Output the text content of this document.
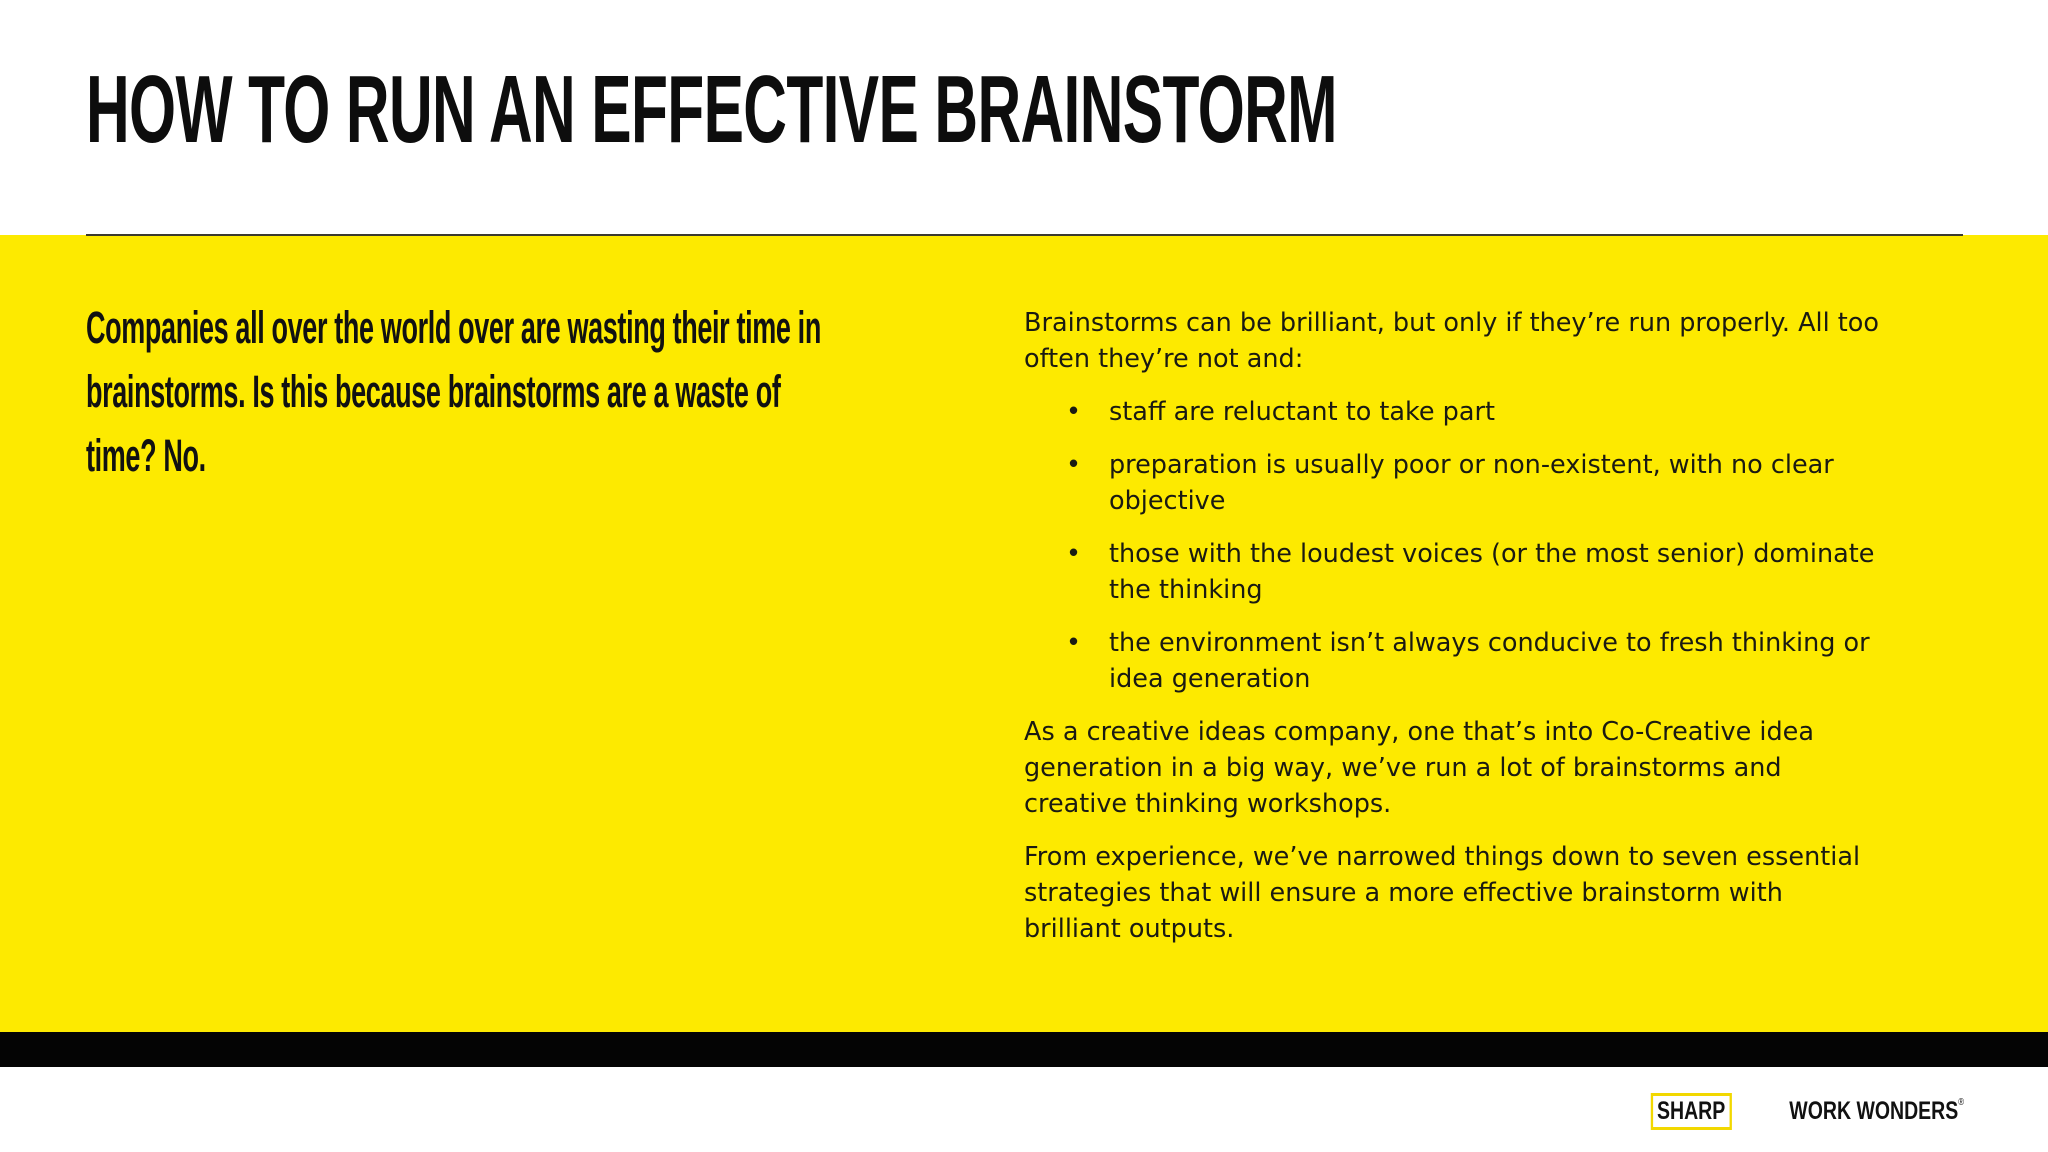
HOW TO RUN AN EFFECTIVE BRAINSTORM

Companies all over the world over are wasting their time in brainstorms. Is this because brainstorms are a waste of time? No.

Brainstorms can be brilliant, but only if they’re run properly. All too often they’re not and:

• staff are reluctant to take part
• preparation is usually poor or non-existent, with no clear objective
• those with the loudest voices (or the most senior) dominate the thinking
• the environment isn’t always conducive to fresh thinking or idea generation

As a creative ideas company, one that’s into Co-Creative idea generation in a big way, we’ve run a lot of brainstorms and creative thinking workshops.

From experience, we’ve narrowed things down to seven essential strategies that will ensure a more effective brainstorm with brilliant outputs.

SHARP	WORK WONDERS®
